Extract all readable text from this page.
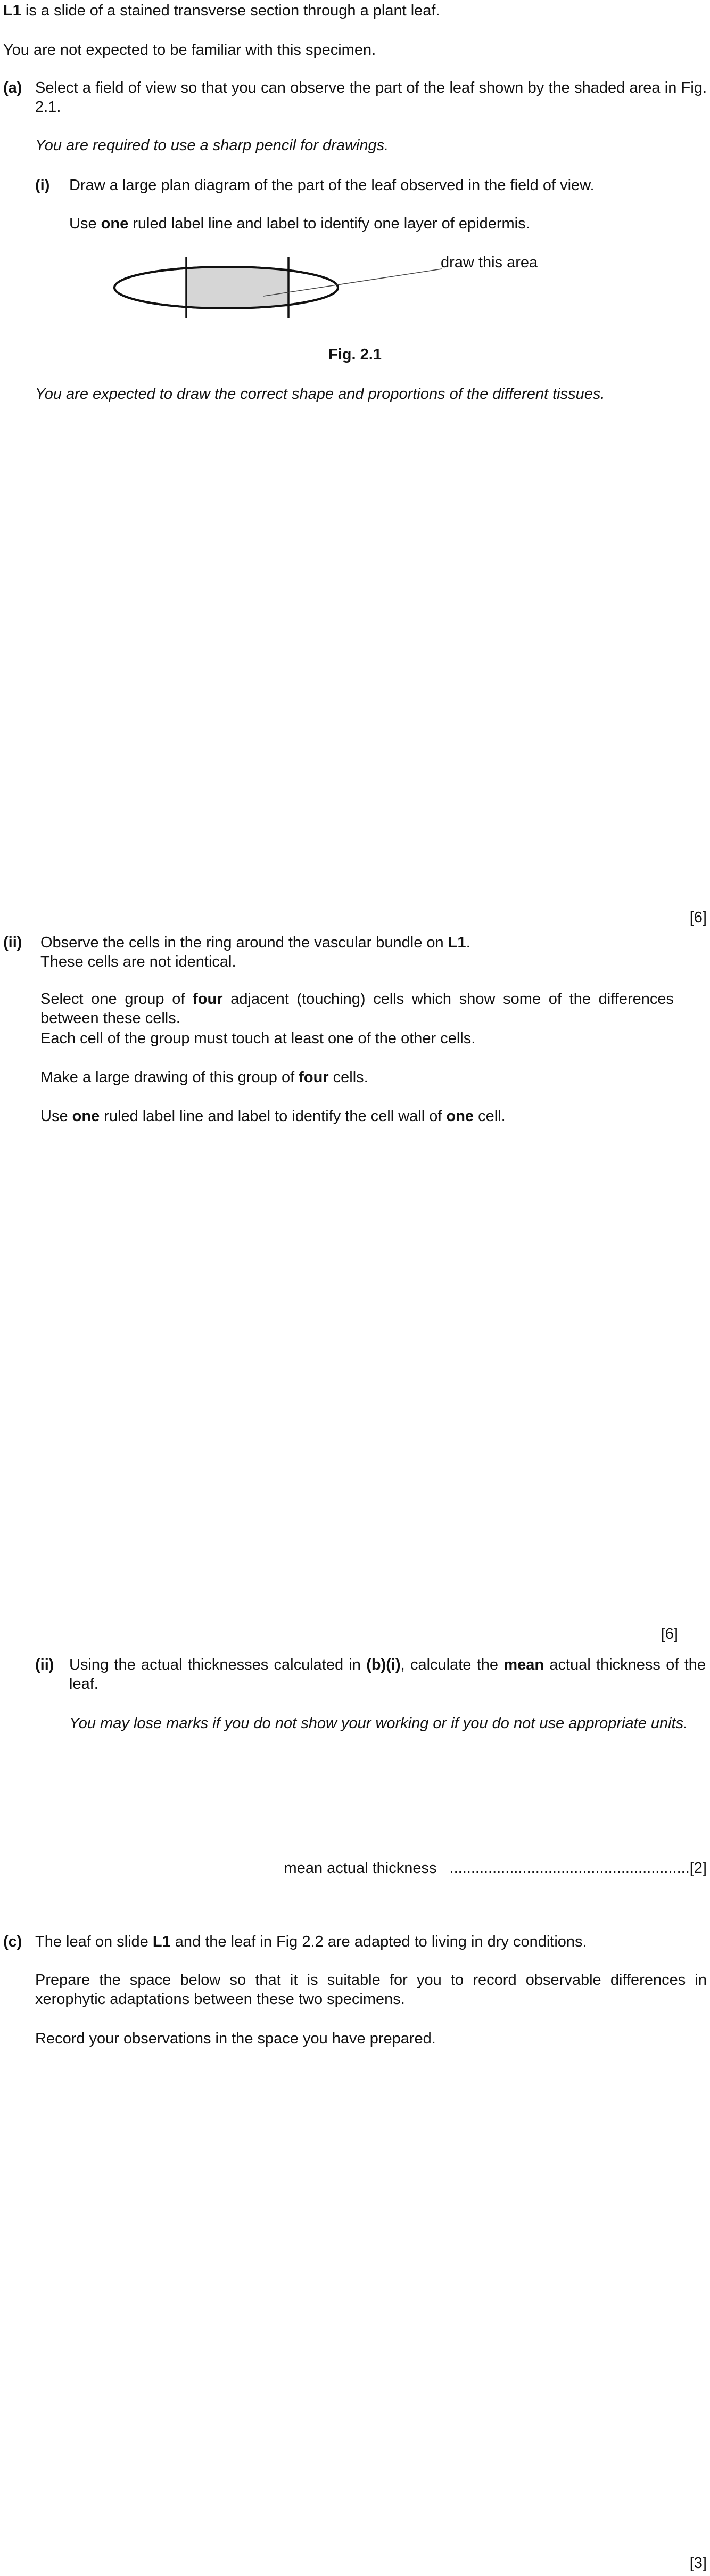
L1 is a slide of a stained transverse section through a plant leaf.
You are not expected to be familiar with this specimen.
(a) Select a field of view so that you can observe the part of the leaf shown by the shaded area in Fig. 2.1.
You are required to use a sharp pencil for drawings.
(i) Draw a large plan diagram of the part of the leaf observed in the field of view.
Use one ruled label line and label to identify one layer of epidermis.
draw this area
Fig. 2.1
You are expected to draw the correct shape and proportions of the different tissues.
[6]
(ii) Observe the cells in the ring around the vascular bundle on L1.
These cells are not identical.
Select one group of four adjacent (touching) cells which show some of the differences between these cells.
Each cell of the group must touch at least one of the other cells.
Make a large drawing of this group of four cells.
Use one ruled label line and label to identify the cell wall of one cell.
[6]
(ii) Using the actual thicknesses calculated in (b)(i), calculate the mean actual thickness of the leaf.
You may lose marks if you do not show your working or if you do not use appropriate units.
mean actual thickness ........................................................[2]
(c) The leaf on slide L1 and the leaf in Fig 2.2 are adapted to living in dry conditions.
Prepare the space below so that it is suitable for you to record observable differences in xerophytic adaptations between these two specimens.
Record your observations in the space you have prepared.
[3]
